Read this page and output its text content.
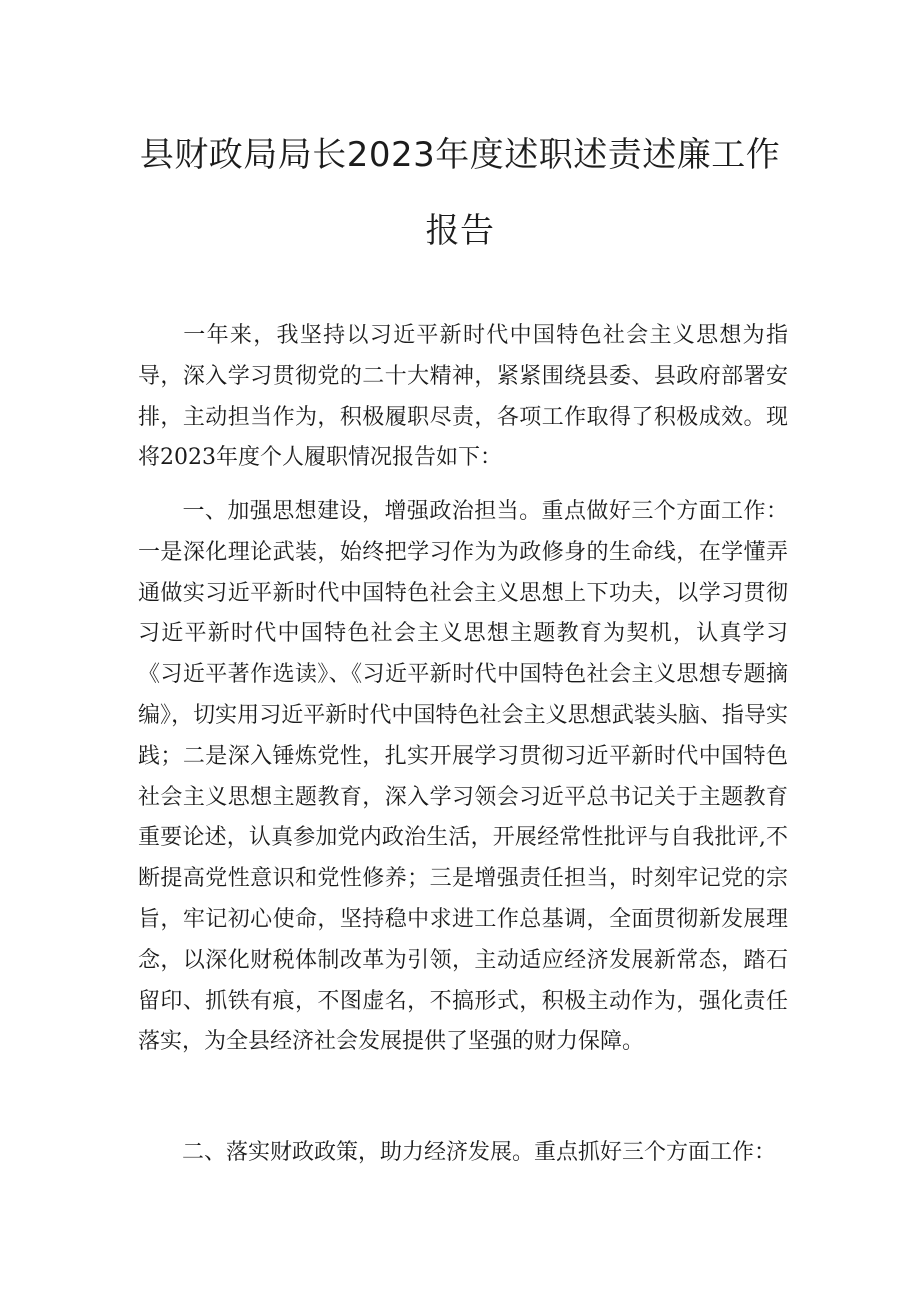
县财政局局长2023年度述职述责述廉工作
报告

一年来，我坚持以习近平新时代中国特色社会主义思想为指导，深入学习贯彻党的二十大精神，紧紧围绕县委、县政府部署安排，主动担当作为，积极履职尽责，各项工作取得了积极成效。现将2023年度个人履职情况报告如下：

一、加强思想建设，增强政治担当。重点做好三个方面工作：一是深化理论武装，始终把学习作为为政修身的生命线，在学懂弄通做实习近平新时代中国特色社会主义思想上下功夫，以学习贯彻习近平新时代中国特色社会主义思想主题教育为契机，认真学习《习近平著作选读》、《习近平新时代中国特色社会主义思想专题摘编》，切实用习近平新时代中国特色社会主义思想武装头脑、指导实践；二是深入锤炼党性，扎实开展学习贯彻习近平新时代中国特色社会主义思想主题教育，深入学习领会习近平总书记关于主题教育重要论述，认真参加党内政治生活，开展经常性批评与自我批评,不断提高党性意识和党性修养；三是增强责任担当，时刻牢记党的宗旨，牢记初心使命，坚持稳中求进工作总基调，全面贯彻新发展理念，以深化财税体制改革为引领，主动适应经济发展新常态，踏石留印、抓铁有痕，不图虚名，不搞形式，积极主动作为，强化责任落实，为全县经济社会发展提供了坚强的财力保障。

二、落实财政政策，助力经济发展。重点抓好三个方面工作：
